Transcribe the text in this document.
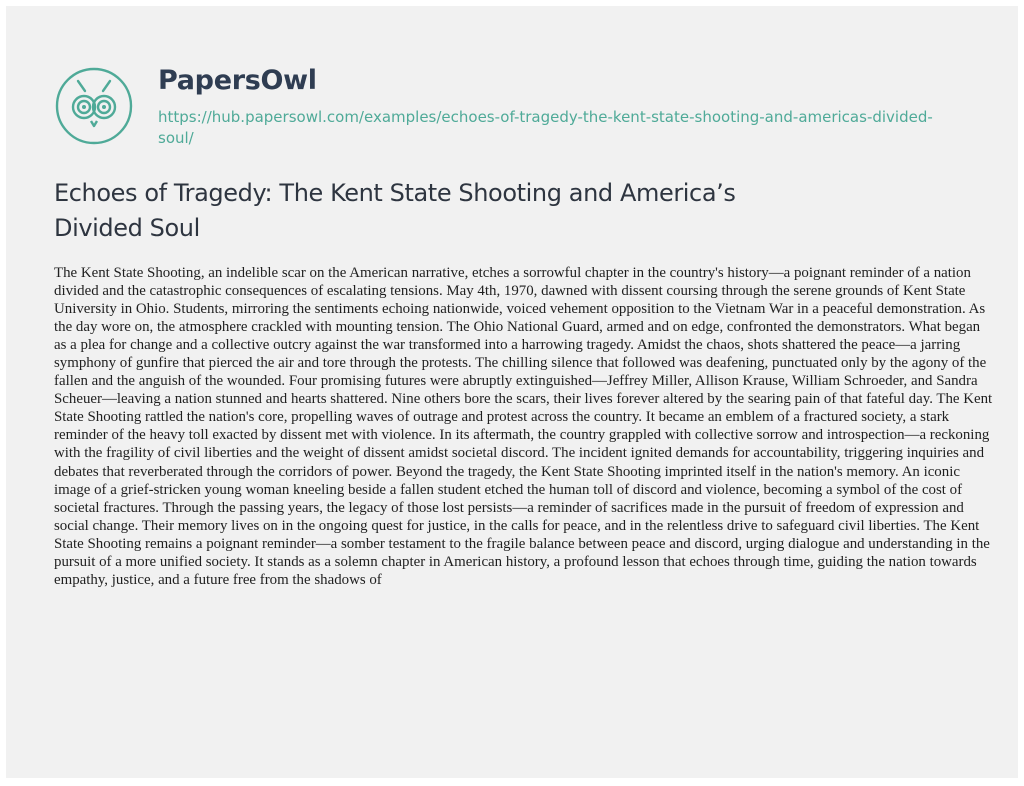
PapersOwl
https://hub.papersowl.com/examples/echoes-of-tragedy-the-kent-state-shooting-and-americas-divided-soul/
Echoes of Tragedy: The Kent State Shooting and America’s Divided Soul

The Kent State Shooting, an indelible scar on the American narrative, etches a sorrowful chapter in the country's history—a poignant reminder of a nation divided and the catastrophic consequences of escalating tensions. May 4th, 1970, dawned with dissent coursing through the serene grounds of Kent State University in Ohio. Students, mirroring the sentiments echoing nationwide, voiced vehement opposition to the Vietnam War in a peaceful demonstration. As the day wore on, the atmosphere crackled with mounting tension. The Ohio National Guard, armed and on edge, confronted the demonstrators. What began as a plea for change and a collective outcry against the war transformed into a harrowing tragedy. Amidst the chaos, shots shattered the peace—a jarring symphony of gunfire that pierced the air and tore through the protests. The chilling silence that followed was deafening, punctuated only by the agony of the fallen and the anguish of the wounded. Four promising futures were abruptly extinguished—Jeffrey Miller, Allison Krause, William Schroeder, and Sandra Scheuer—leaving a nation stunned and hearts shattered. Nine others bore the scars, their lives forever altered by the searing pain of that fateful day. The Kent State Shooting rattled the nation's core, propelling waves of outrage and protest across the country. It became an emblem of a fractured society, a stark reminder of the heavy toll exacted by dissent met with violence. In its aftermath, the country grappled with collective sorrow and introspection—a reckoning with the fragility of civil liberties and the weight of dissent amidst societal discord. The incident ignited demands for accountability, triggering inquiries and debates that reverberated through the corridors of power. Beyond the tragedy, the Kent State Shooting imprinted itself in the nation's memory. An iconic image of a grief-stricken young woman kneeling beside a fallen student etched the human toll of discord and violence, becoming a symbol of the cost of societal fractures. Through the passing years, the legacy of those lost persists—a reminder of sacrifices made in the pursuit of freedom of expression and social change. Their memory lives on in the ongoing quest for justice, in the calls for peace, and in the relentless drive to safeguard civil liberties. The Kent State Shooting remains a poignant reminder—a somber testament to the fragile balance between peace and discord, urging dialogue and understanding in the pursuit of a more unified society. It stands as a solemn chapter in American history, a profound lesson that echoes through time, guiding the nation towards empathy, justice, and a future free from the shadows of
